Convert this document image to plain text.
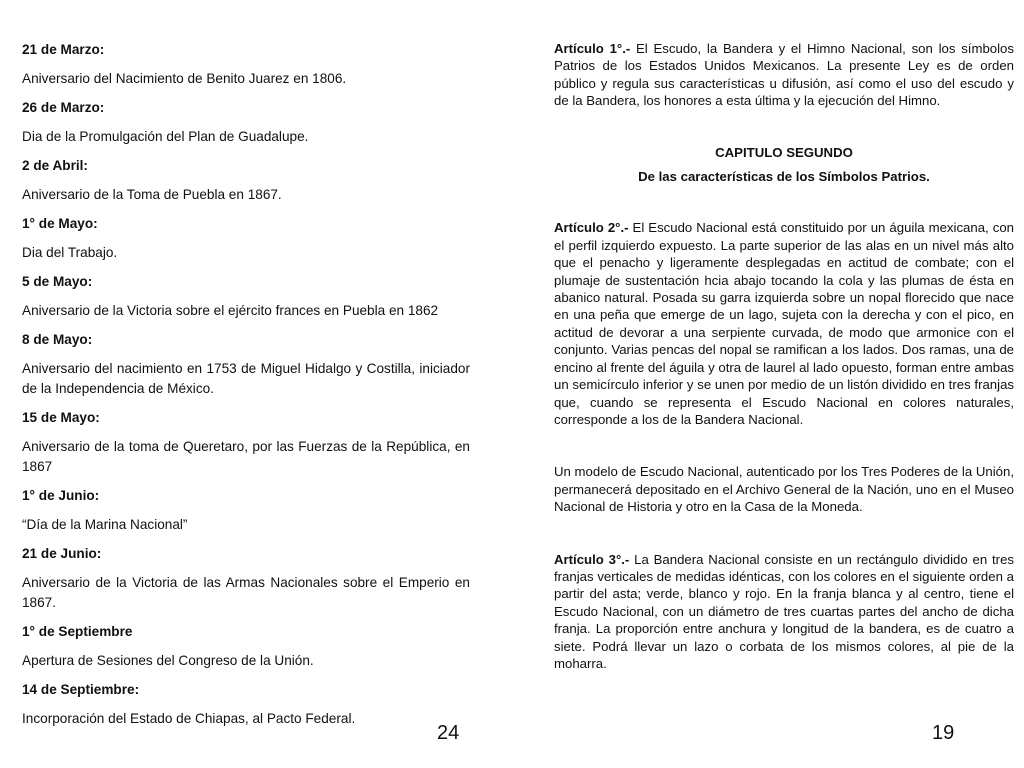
21 de Marzo:

Aniversario del Nacimiento de Benito Juarez en 1806.

26 de Marzo:

Dia de la Promulgación del Plan de Guadalupe.

2 de Abril:

Aniversario de la Toma de Puebla en 1867.

1° de Mayo:

Dia del Trabajo.

5 de Mayo:

Aniversario de la Victoria sobre el ejército frances en Puebla en 1862

8 de Mayo:

Aniversario del nacimiento en 1753 de Miguel Hidalgo y Costilla, iniciador de la Independencia de México.

15 de Mayo:

Aniversario de la toma de Queretaro, por las Fuerzas de la República, en 1867

1° de Junio:

“Día de la Marina Nacional”

21 de Junio:

Aniversario de la Victoria de las Armas Nacionales sobre el Emperio en 1867.

1° de Septiembre

Apertura de Sesiones del Congreso de la Unión.

14 de Septiembre:

Incorporación del Estado de Chiapas, al Pacto Federal.

24

Artículo 1°.- El Escudo, la Bandera y el Himno Nacional, son los símbolos Patrios de los Estados Unidos Mexicanos. La presente Ley es de orden público y regula sus características u difusión, así como el uso del escudo y de la Bandera, los honores a esta última y la ejecución del Himno.

CAPITULO SEGUNDO

De las características de los Símbolos Patrios.

Artículo 2°.- El Escudo Nacional está constituido por un águila mexicana, con el perfil izquierdo expuesto. La parte superior de las alas en un nivel más alto que el penacho y ligeramente desplegadas en actitud de combate; con el plumaje de sustentación hcia abajo tocando la cola y las plumas de ésta en abanico natural. Posada su garra izquierda sobre un nopal florecido que nace en una peña que emerge de un lago, sujeta con la derecha y con el pico, en actitud de devorar a una serpiente curvada, de modo que armonice con el conjunto. Varias pencas del nopal se ramifican a los lados. Dos ramas, una de encino al frente del águila y otra de laurel al lado opuesto, forman entre ambas un semicírculo inferior y se unen por medio de un listón dividido en tres franjas que, cuando se representa el Escudo Nacional en colores naturales, corresponde a los de la Bandera Nacional.

Un modelo de Escudo Nacional, autenticado por los Tres Poderes de la Unión, permanecerá depositado en el Archivo General de la Nación, uno en el Museo Nacional de Historia y otro en la Casa de la Moneda.

Artículo 3°.- La Bandera Nacional consiste en un rectángulo dividido en tres franjas verticales de medidas idénticas, con los colores en el siguiente orden a partir del asta; verde, blanco y rojo. En la franja blanca y al centro, tiene el Escudo Nacional, con un diámetro de tres cuartas partes del ancho de dicha franja. La proporción entre anchura y longitud de la bandera, es de cuatro a siete. Podrá llevar un lazo o corbata de los mismos colores, al pie de la moharra.

19
